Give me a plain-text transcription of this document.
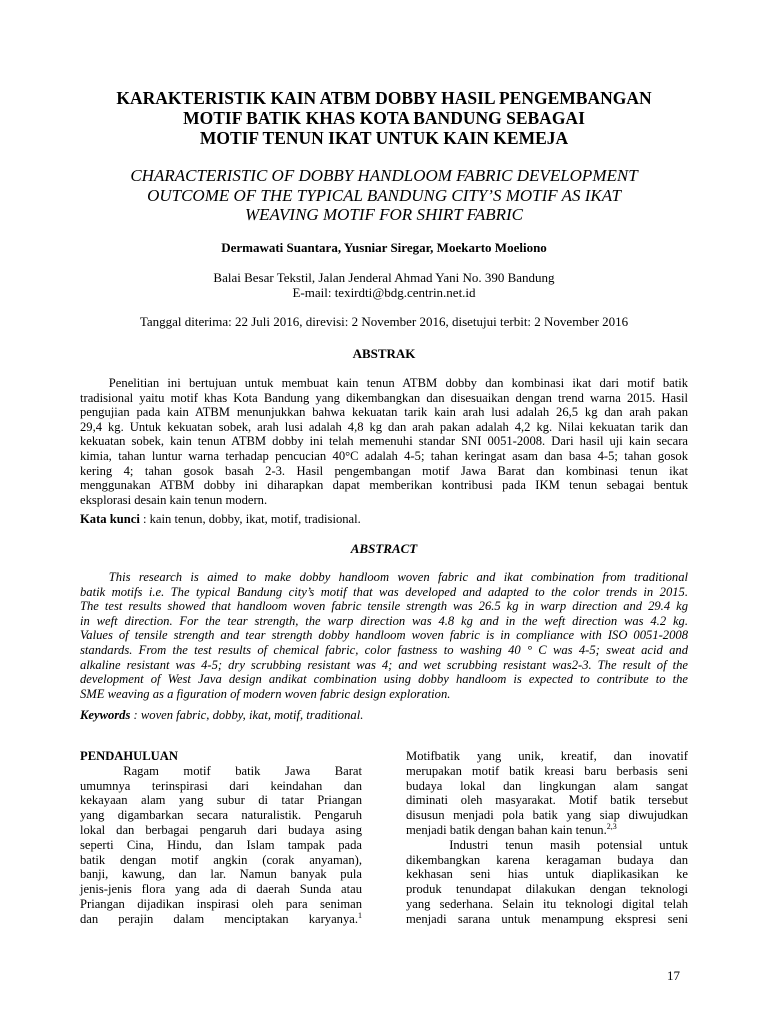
KARAKTERISTIK KAIN ATBM DOBBY HASIL PENGEMBANGAN
MOTIF BATIK KHAS KOTA BANDUNG SEBAGAI
MOTIF TENUN IKAT UNTUK KAIN KEMEJA
CHARACTERISTIC OF DOBBY HANDLOOM FABRIC DEVELOPMENT
OUTCOME OF THE TYPICAL BANDUNG CITY’S MOTIF AS IKAT
WEAVING MOTIF FOR SHIRT FABRIC
Dermawati Suantara, Yusniar Siregar, Moekarto Moeliono
Balai Besar Tekstil, Jalan Jenderal Ahmad Yani No. 390 Bandung
E-mail: texirdti@bdg.centrin.net.id
Tanggal diterima: 22 Juli 2016, direvisi: 2 November 2016, disetujui terbit: 2 November 2016
ABSTRAK
Penelitian ini bertujuan untuk membuat kain tenun ATBM dobby dan kombinasi ikat dari motif batik
tradisional yaitu motif khas Kota Bandung yang dikembangkan dan disesuaikan dengan trend warna 2015. Hasil
pengujian pada kain ATBM menunjukkan bahwa kekuatan tarik kain arah lusi adalah 26,5 kg dan arah pakan
29,4 kg. Untuk kekuatan sobek, arah lusi adalah 4,8 kg dan arah pakan adalah 4,2 kg. Nilai kekuatan tarik dan
kekuatan sobek, kain tenun ATBM dobby ini telah memenuhi standar SNI 0051-2008. Dari hasil uji kain secara
kimia, tahan luntur warna terhadap pencucian 40°C adalah 4-5; tahan keringat asam dan basa 4-5; tahan gosok
kering 4; tahan gosok basah 2-3. Hasil pengembangan motif Jawa Barat dan kombinasi tenun ikat
menggunakan ATBM dobby ini diharapkan dapat memberikan kontribusi pada IKM tenun sebagai bentuk
eksplorasi desain kain tenun modern.
Kata kunci : kain tenun, dobby, ikat, motif, tradisional.
ABSTRACT
This research is aimed to make dobby handloom woven fabric and ikat combination from traditional
batik motifs i.e. The typical Bandung city’s motif that was developed and adapted to the color trends in 2015.
The test results showed that handloom woven fabric tensile strength was 26.5 kg in warp direction and 29.4 kg
in weft direction. For the tear strength, the warp direction was 4.8 kg and in the weft direction was 4.2 kg.
Values of tensile strength and tear strength dobby handloom woven fabric is in compliance with ISO 0051-2008
standards. From the test results of chemical fabric, color fastness to washing 40 ° C was 4-5; sweat acid and
alkaline resistant was 4-5; dry scrubbing resistant was 4; and wet scrubbing resistant was2-3. The result of the
development of West Java design andikat combination using dobby handloom is expected to contribute to the
SME weaving as a figuration of modern woven fabric design exploration.
Keywords : woven fabric, dobby, ikat, motif, traditional.
PENDAHULUAN
Ragam motif batik Jawa Barat
umumnya terinspirasi dari keindahan dan
kekayaan alam yang subur di tatar Priangan
yang digambarkan secara naturalistik. Pengaruh
lokal dan berbagai pengaruh dari budaya asing
seperti Cina, Hindu, dan Islam tampak pada
batik dengan motif angkin (corak anyaman),
banji, kawung, dan lar. Namun banyak pula
jenis-jenis flora yang ada di daerah Sunda atau
Priangan dijadikan inspirasi oleh para seniman
dan perajin dalam menciptakan karyanya.$^1$
Motifbatik yang unik, kreatif, dan inovatif
merupakan motif batik kreasi baru berbasis seni
budaya lokal dan lingkungan alam sangat
diminati oleh masyarakat. Motif batik tersebut
disusun menjadi pola batik yang siap diwujudkan
menjadi batik dengan bahan kain tenun.$^{2,3}$
Industri tenun masih potensial untuk
dikembangkan karena keragaman budaya dan
kekhasan seni hias untuk diaplikasikan ke
produk tenundapat dilakukan dengan teknologi
yang sederhana. Selain itu teknologi digital telah
menjadi sarana untuk menampung ekspresi seni
17
